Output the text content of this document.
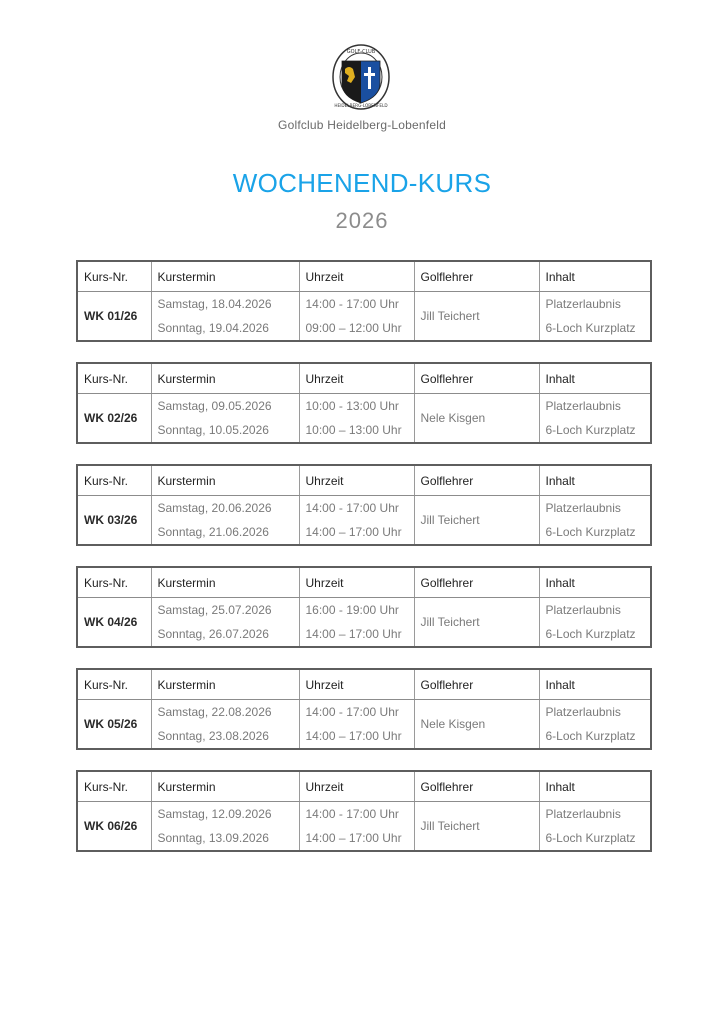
GOLF-CLUB
HEIDELBERG-LOBENFELD
Golfclub Heidelberg-Lobenfeld
WOCHENEND-KURS
2026
Kurs-Nr.	Kurstermin	Uhrzeit	Golflehrer	Inhalt
WK 01/26	Samstag, 18.04.2026	14:00 - 17:00 Uhr	Jill Teichert	Platzerlaubnis
	Sonntag, 19.04.2026	09:00 – 12:00 Uhr		6-Loch Kurzplatz
Kurs-Nr.	Kurstermin	Uhrzeit	Golflehrer	Inhalt
WK 02/26	Samstag, 09.05.2026	10:00 - 13:00 Uhr	Nele Kisgen	Platzerlaubnis
	Sonntag, 10.05.2026	10:00 – 13:00 Uhr		6-Loch Kurzplatz
Kurs-Nr.	Kurstermin	Uhrzeit	Golflehrer	Inhalt
WK 03/26	Samstag, 20.06.2026	14:00 - 17:00 Uhr	Jill Teichert	Platzerlaubnis
	Sonntag, 21.06.2026	14:00 – 17:00 Uhr		6-Loch Kurzplatz
Kurs-Nr.	Kurstermin	Uhrzeit	Golflehrer	Inhalt
WK 04/26	Samstag, 25.07.2026	16:00 - 19:00 Uhr	Jill Teichert	Platzerlaubnis
	Sonntag, 26.07.2026	14:00 – 17:00 Uhr		6-Loch Kurzplatz
Kurs-Nr.	Kurstermin	Uhrzeit	Golflehrer	Inhalt
WK 05/26	Samstag, 22.08.2026	14:00 - 17:00 Uhr	Nele Kisgen	Platzerlaubnis
	Sonntag, 23.08.2026	14:00 – 17:00 Uhr		6-Loch Kurzplatz
Kurs-Nr.	Kurstermin	Uhrzeit	Golflehrer	Inhalt
WK 06/26	Samstag, 12.09.2026	14:00 - 17:00 Uhr	Jill Teichert	Platzerlaubnis
	Sonntag, 13.09.2026	14:00 – 17:00 Uhr		6-Loch Kurzplatz
